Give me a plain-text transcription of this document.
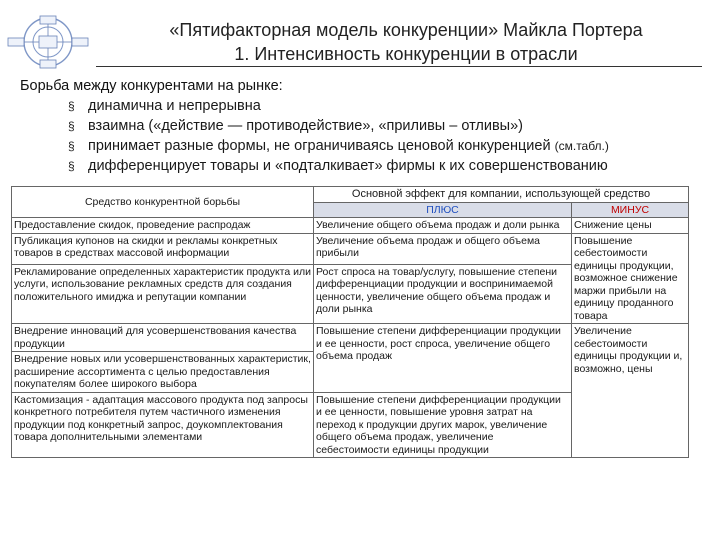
«Пятифакторная модель конкуренции» Майкла Портера
1. Интенсивность конкуренции в отрасли
Борьба между конкурентами на рынке:
§ динамична и непрерывна
§ взаимна («действие — противодействие», «приливы – отливы»)
§ принимает разные формы, не ограничиваясь ценовой конкуренцией (см.табл.)
§ дифференцирует товары и «подталкивает» фирмы к их совершенствованию
Средство конкурентной борьбы	Основной эффект для компании, использующей средство	
	ПЛЮС	МИНУС
Предоставление скидок, проведение распродаж	Увеличение общего объема продаж и доли рынка	Снижение цены
Публикация купонов на скидки и рекламы конкретных товаров в средствах массовой информации	Увеличение объема продаж и общего объема прибыли	Повышение себестоимости единицы продукции, возможное снижение маржи прибыли на единицу проданного товара
Рекламирование определенных характеристик продукта или услуги, использование рекламных средств для создания положительного имиджа и репутации компании	Рост спроса на товар/услугу, повышение степени дифференциации продукции и воспринимаемой ценности, увеличение общего объема продаж и доли рынка	
Внедрение инноваций для усовершенствования качества продукции	Повышение степени дифференциации продукции и ее ценности, рост спроса, увеличение общего объема продаж	Увеличение себестоимости единицы продукции и, возможно, цены
Внедрение новых или усовершенствованных характеристик, расширение ассортимента с целью предоставления покупателям более широкого выбора		
Кастомизация - адаптация массового продукта под запросы конкретного потребителя путем частичного изменения продукции под конкретный запрос, доукомплектования товара дополнительными элементами	Повышение степени дифференциации продукции и ее ценности, повышение уровня затрат на переход к продукции других марок, увеличение общего объема продаж, увеличение себестоимости единицы продукции	
